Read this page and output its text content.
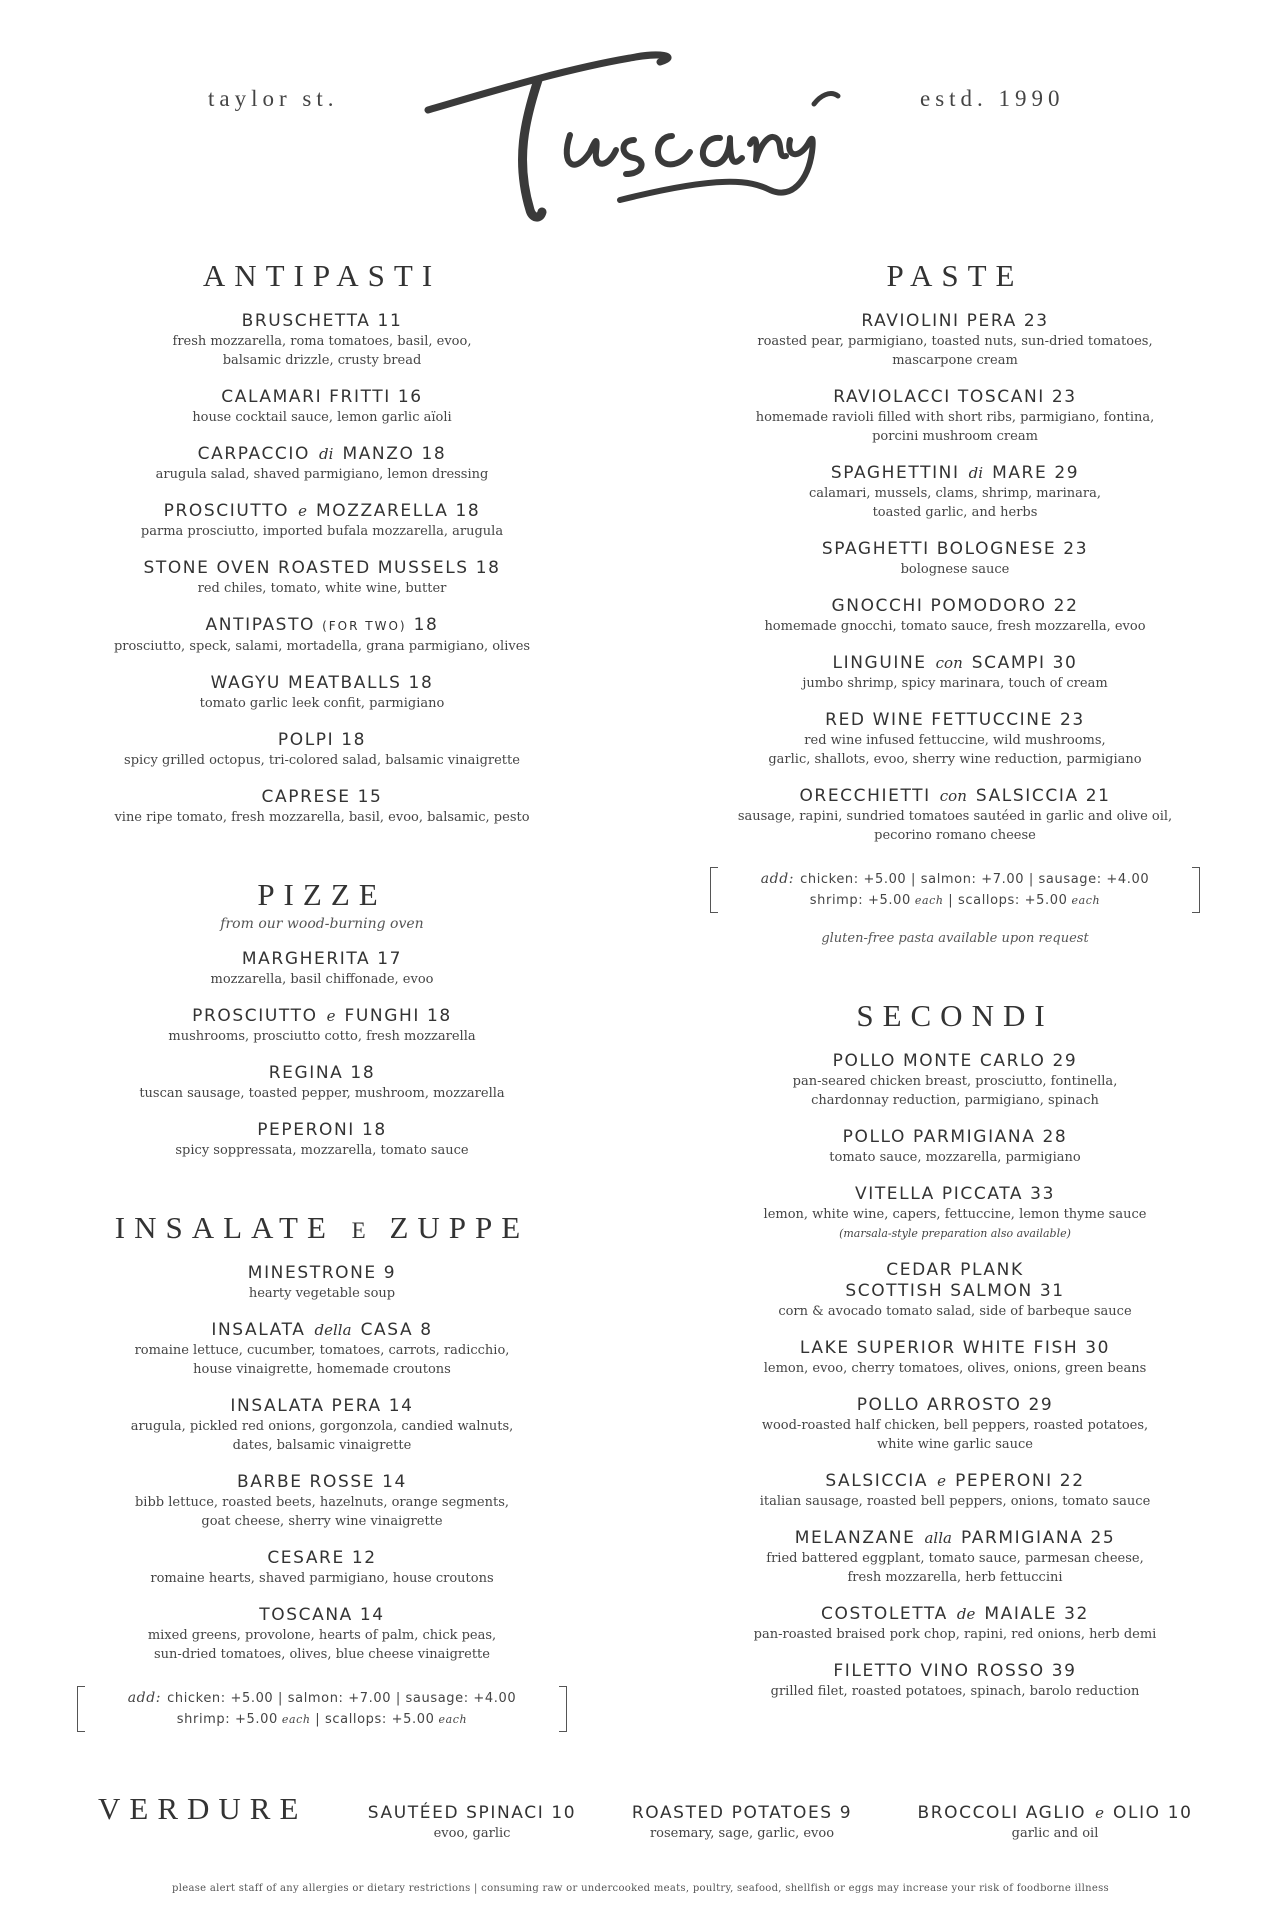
taylor st.	estd. 1990
ANTIPASTI
BRUSCHETTA 11
fresh mozzarella, roma tomatoes, basil, evoo,
balsamic drizzle, crusty bread
CALAMARI FRITTI 16
house cocktail sauce, lemon garlic aïoli
CARPACCIO di MANZO 18
arugula salad, shaved parmigiano, lemon dressing
PROSCIUTTO e MOZZARELLA 18
parma prosciutto, imported bufala mozzarella, arugula
STONE OVEN ROASTED MUSSELS 18
red chiles, tomato, white wine, butter
ANTIPASTO (FOR TWO) 18
prosciutto, speck, salami, mortadella, grana parmigiano, olives
WAGYU MEATBALLS 18
tomato garlic leek confit, parmigiano
POLPI 18
spicy grilled octopus, tri-colored salad, balsamic vinaigrette
CAPRESE 15
vine ripe tomato, fresh mozzarella, basil, evoo, balsamic, pesto
PIZZE
from our wood-burning oven
MARGHERITA 17
mozzarella, basil chiffonade, evoo
PROSCIUTTO e FUNGHI 18
mushrooms, prosciutto cotto, fresh mozzarella
REGINA 18
tuscan sausage, toasted pepper, mushroom, mozzarella
PEPERONI 18
spicy soppressata, mozzarella, tomato sauce
INSALATE E ZUPPE
MINESTRONE 9
hearty vegetable soup
INSALATA della CASA 8
romaine lettuce, cucumber, tomatoes, carrots, radicchio,
house vinaigrette, homemade croutons
INSALATA PERA 14
arugula, pickled red onions, gorgonzola, candied walnuts,
dates, balsamic vinaigrette
BARBE ROSSE 14
bibb lettuce, roasted beets, hazelnuts, orange segments,
goat cheese, sherry wine vinaigrette
CESARE 12
romaine hearts, shaved parmigiano, house croutons
TOSCANA 14
mixed greens, provolone, hearts of palm, chick peas,
sun-dried tomatoes, olives, blue cheese vinaigrette
add: chicken: +5.00 | salmon: +7.00 | sausage: +4.00
shrimp: +5.00 each | scallops: +5.00 each
PASTE
RAVIOLINI PERA 23
roasted pear, parmigiano, toasted nuts, sun-dried tomatoes,
mascarpone cream
RAVIOLACCI TOSCANI 23
homemade ravioli filled with short ribs, parmigiano, fontina,
porcini mushroom cream
SPAGHETTINI di MARE 29
calamari, mussels, clams, shrimp, marinara,
toasted garlic, and herbs
SPAGHETTI BOLOGNESE 23
bolognese sauce
GNOCCHI POMODORO 22
homemade gnocchi, tomato sauce, fresh mozzarella, evoo
LINGUINE con SCAMPI 30
jumbo shrimp, spicy marinara, touch of cream
RED WINE FETTUCCINE 23
red wine infused fettuccine, wild mushrooms,
garlic, shallots, evoo, sherry wine reduction, parmigiano
ORECCHIETTI con SALSICCIA 21
sausage, rapini, sundried tomatoes sautéed in garlic and olive oil,
pecorino romano cheese
add: chicken: +5.00 | salmon: +7.00 | sausage: +4.00
shrimp: +5.00 each | scallops: +5.00 each
gluten-free pasta available upon request
SECONDI
POLLO MONTE CARLO 29
pan-seared chicken breast, prosciutto, fontinella,
chardonnay reduction, parmigiano, spinach
POLLO PARMIGIANA 28
tomato sauce, mozzarella, parmigiano
VITELLA PICCATA 33
lemon, white wine, capers, fettuccine, lemon thyme sauce
(marsala-style preparation also available)
CEDAR PLANK
SCOTTISH SALMON 31
corn & avocado tomato salad, side of barbeque sauce
LAKE SUPERIOR WHITE FISH 30
lemon, evoo, cherry tomatoes, olives, onions, green beans
POLLO ARROSTO 29
wood-roasted half chicken, bell peppers, roasted potatoes,
white wine garlic sauce
SALSICCIA e PEPERONI 22
italian sausage, roasted bell peppers, onions, tomato sauce
MELANZANE alla PARMIGIANA 25
fried battered eggplant, tomato sauce, parmesan cheese,
fresh mozzarella, herb fettuccini
COSTOLETTA de MAIALE 32
pan-roasted braised pork chop, rapini, red onions, herb demi
FILETTO VINO ROSSO 39
grilled filet, roasted potatoes, spinach, barolo reduction
VERDURE	SAUTÉED SPINACI 10
evoo, garlic
ROASTED POTATOES 9
rosemary, sage, garlic, evoo
BROCCOLI AGLIO e OLIO 10
garlic and oil
please alert staff of any allergies or dietary restrictions | consuming raw or undercooked meats, poultry, seafood, shellfish or eggs may increase your risk of foodborne illness
